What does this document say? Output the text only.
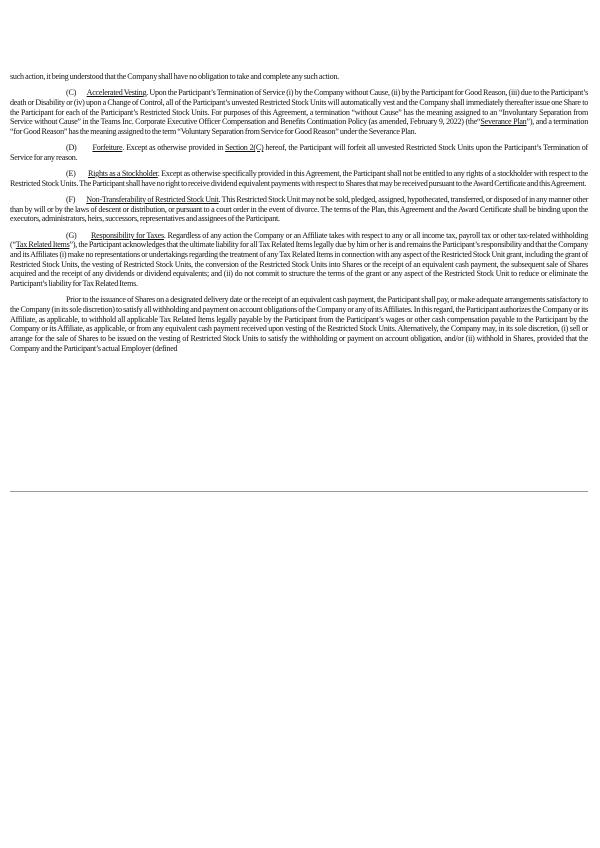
such action, it being understood that the Company shall have no obligation to take and complete any such action.

(C) Accelerated Vesting. Upon the Participant’s Termination of Service (i) by the Company without Cause, (ii) by the Participant for Good Reason, (iii) due to the Participant’s death or Disability or (iv) upon a Change of Control, all of the Participant’s unvested Restricted Stock Units will automatically vest and the Company shall immediately thereafter issue one Share to the Participant for each of the Participant’s Restricted Stock Units. For purposes of this Agreement, a termination “without Cause” has the meaning assigned to an “Involuntary Separation from Service without Cause” in the Teams Inc. Corporate Executive Officer Compensation and Benefits Continuation Policy (as amended, February 9, 2022) (the“Severance Plan”), and a termination “for Good Reason” has the meaning assigned to the term “Voluntary Separation from Service for Good Reason” under the Severance Plan.

(D) Forfeiture. Except as otherwise provided in Section 2(C) hereof, the Participant will forfeit all unvested Restricted Stock Units upon the Participant’s Termination of Service for any reason.

(E) Rights as a Stockholder. Except as otherwise specifically provided in this Agreement, the Participant shall not be entitled to any rights of a stockholder with respect to the Restricted Stock Units. The Participant shall have no right to receive dividend equivalent payments with respect to Shares that may be received pursuant to the Award Certificate and this Agreement.

(F) Non-Transferability of Restricted Stock Unit. This Restricted Stock Unit may not be sold, pledged, assigned, hypothecated, transferred, or disposed of in any manner other than by will or by the laws of descent or distribution, or pursuant to a court order in the event of divorce. The terms of the Plan, this Agreement and the Award Certificate shall be binding upon the executors, administrators, heirs, successors, representatives and assignees of the Participant.

(G) Responsibility for Taxes. Regardless of any action the Company or an Affiliate takes with respect to any or all income tax, payroll tax or other tax-related withholding (“Tax Related Items”), the Participant acknowledges that the ultimate liability for all Tax Related Items legally due by him or her is and remains the Participant’s responsibility and that the Company and its Affiliates (i) make no representations or undertakings regarding the treatment of any Tax Related Items in connection with any aspect of the Restricted Stock Unit grant, including the grant of Restricted Stock Units, the vesting of Restricted Stock Units, the conversion of the Restricted Stock Units into Shares or the receipt of an equivalent cash payment, the subsequent sale of Shares acquired and the receipt of any dividends or dividend equivalents; and (ii) do not commit to structure the terms of the grant or any aspect of the Restricted Stock Unit to reduce or eliminate the Participant’s liability for Tax Related Items.

Prior to the issuance of Shares on a designated delivery date or the receipt of an equivalent cash payment, the Participant shall pay, or make adequate arrangements satisfactory to the Company (in its sole discretion) to satisfy all withholding and payment on account obligations of the Company or any of its Affiliates. In this regard, the Participant authorizes the Company or its Affiliate, as applicable, to withhold all applicable Tax Related Items legally payable by the Participant from the Participant’s wages or other cash compensation payable to the Participant by the Company or its Affiliate, as applicable, or from any equivalent cash payment received upon vesting of the Restricted Stock Units. Alternatively, the Company may, in its sole discretion, (i) sell or arrange for the sale of Shares to be issued on the vesting of Restricted Stock Units to satisfy the withholding or payment on account obligation, and/or (ii) withhold in Shares, provided that the Company and the Participant’s actual Employer (defined
